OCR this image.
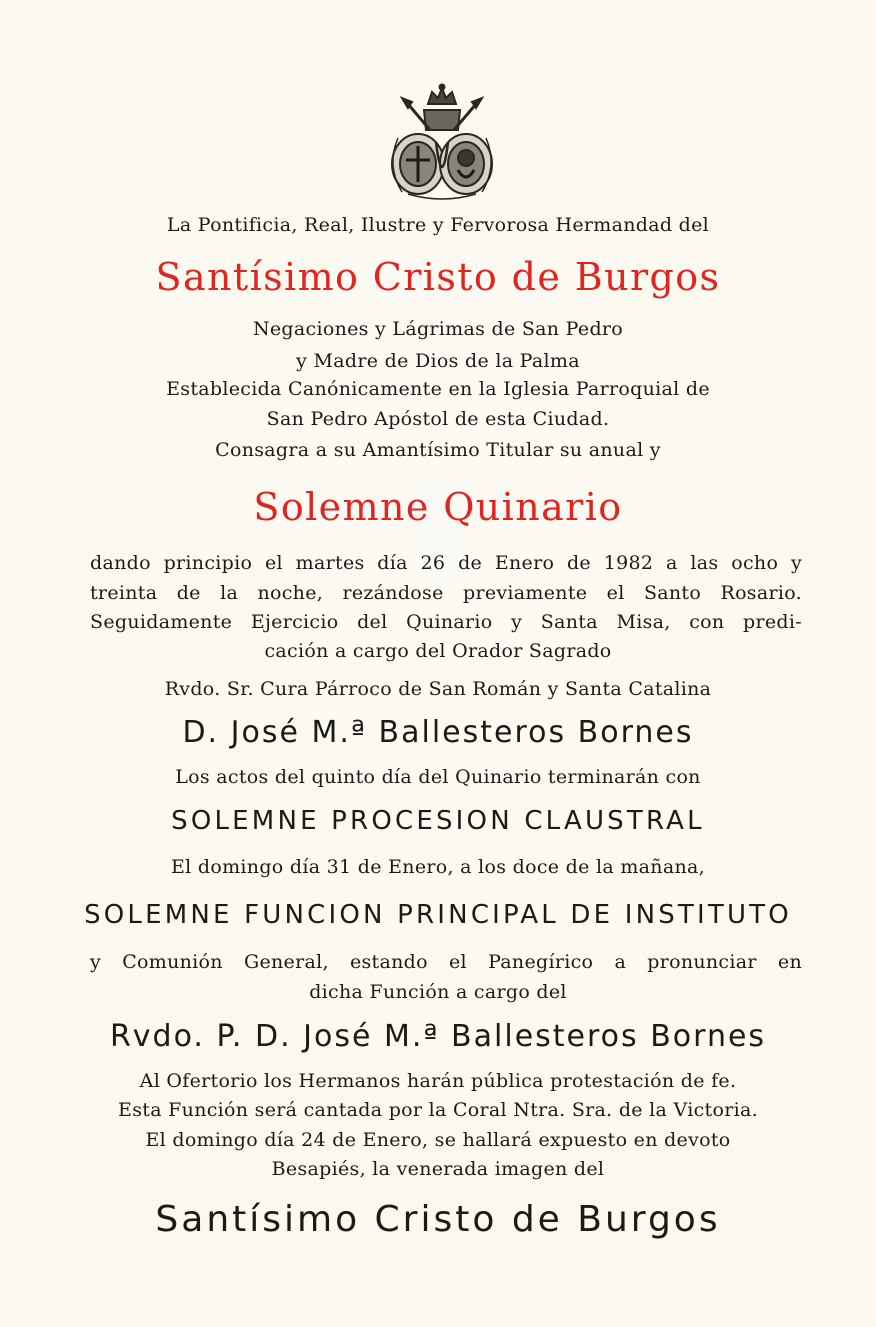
La Pontificia, Real, Ilustre y Fervorosa Hermandad del
Santísimo Cristo de Burgos
Negaciones y Lágrimas de San Pedro
y Madre de Dios de la Palma
Establecida Canónicamente en la Iglesia Parroquial de
San Pedro Apóstol de esta Ciudad.
Consagra a su Amantísimo Titular su anual y
Solemne Quinario
dando principio el martes día 26 de Enero de 1982 a las ocho y
treinta de la noche, rezándose previamente el Santo Rosario.
Seguidamente Ejercicio del Quinario y Santa Misa, con predi-
cación a cargo del Orador Sagrado
Rvdo. Sr. Cura Párroco de San Román y Santa Catalina
D. José M.ª Ballesteros Bornes
Los actos del quinto día del Quinario terminarán con
SOLEMNE PROCESION CLAUSTRAL
El domingo día 31 de Enero, a los doce de la mañana,
SOLEMNE FUNCION PRINCIPAL DE INSTITUTO
y Comunión General, estando el Panegírico a pronunciar en
dicha Función a cargo del
Rvdo. P. D. José M.ª Ballesteros Bornes
Al Ofertorio los Hermanos harán pública protestación de fe.
Esta Función será cantada por la Coral Ntra. Sra. de la Victoria.
El domingo día 24 de Enero, se hallará expuesto en devoto
Besapiés, la venerada imagen del
Santísimo Cristo de Burgos
